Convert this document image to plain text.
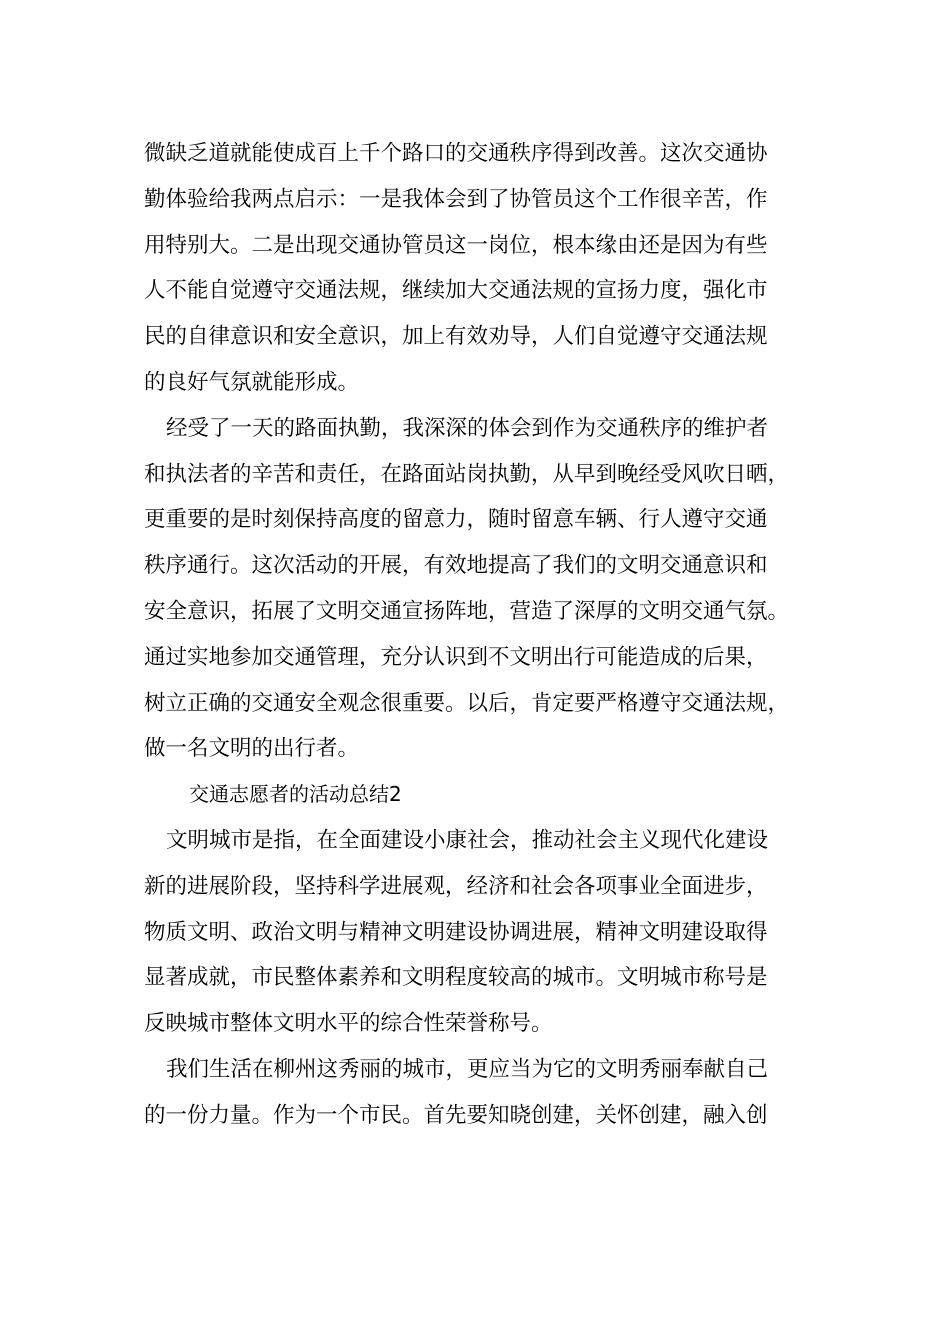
微缺乏道就能使成百上千个路口的交通秩序得到改善。这次交通协
勤体验给我两点启示：一是我体会到了协管员这个工作很辛苦，作
用特别大。二是出现交通协管员这一岗位，根本缘由还是因为有些
人不能自觉遵守交通法规，继续加大交通法规的宣扬力度，强化市
民的自律意识和安全意识，加上有效劝导，人们自觉遵守交通法规
的良好气氛就能形成。
经受了一天的路面执勤，我深深的体会到作为交通秩序的维护者
和执法者的辛苦和责任，在路面站岗执勤，从早到晚经受风吹日晒，
更重要的是时刻保持高度的留意力，随时留意车辆、行人遵守交通
秩序通行。这次活动的开展，有效地提高了我们的文明交通意识和
安全意识，拓展了文明交通宣扬阵地，营造了深厚的文明交通气氛。
通过实地参加交通管理，充分认识到不文明出行可能造成的后果，
树立正确的交通安全观念很重要。以后，肯定要严格遵守交通法规，
做一名文明的出行者。
交通志愿者的活动总结2
文明城市是指，在全面建设小康社会，推动社会主义现代化建设
新的进展阶段，坚持科学进展观，经济和社会各项事业全面进步，
物质文明、政治文明与精神文明建设协调进展，精神文明建设取得
显著成就，市民整体素养和文明程度较高的城市。文明城市称号是
反映城市整体文明水平的综合性荣誉称号。
我们生活在柳州这秀丽的城市，更应当为它的文明秀丽奉献自己
的一份力量。作为一个市民。首先要知晓创建，关怀创建，融入创
